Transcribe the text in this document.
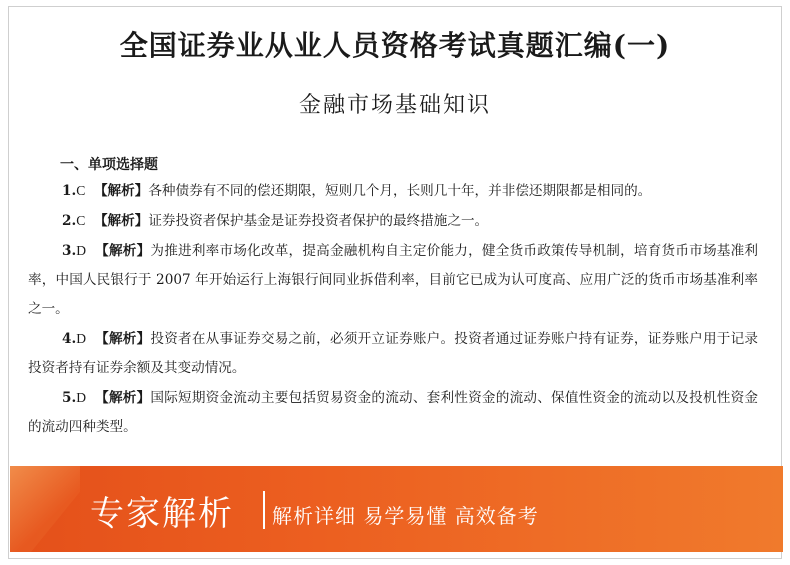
全国证券业从业人员资格考试真题汇编(一)
金融市场基础知识
一、单项选择题

1.C 【解析】各种债券有不同的偿还期限，短则几个月，长则几十年，并非偿还期限都是相同的。

2.C 【解析】证券投资者保护基金是证券投资者保护的最终措施之一。

3.D 【解析】为推进利率市场化改革，提高金融机构自主定价能力，健全货币政策传导机制，培育货币市场基准利率，中国人民银行于 2007 年开始运行上海银行间同业拆借利率，目前它已成为认可度高、应用广泛的货币市场基准利率之一。

4.D 【解析】投资者在从事证券交易之前，必须开立证券账户。投资者通过证券账户持有证券，证券账户用于记录投资者持有证券余额及其变动情况。

5.D 【解析】国际短期资金流动主要包括贸易资金的流动、套利性资金的流动、保值性资金的流动以及投机性资金的流动四种类型。

专家解析 解析详细 易学易懂 高效备考
